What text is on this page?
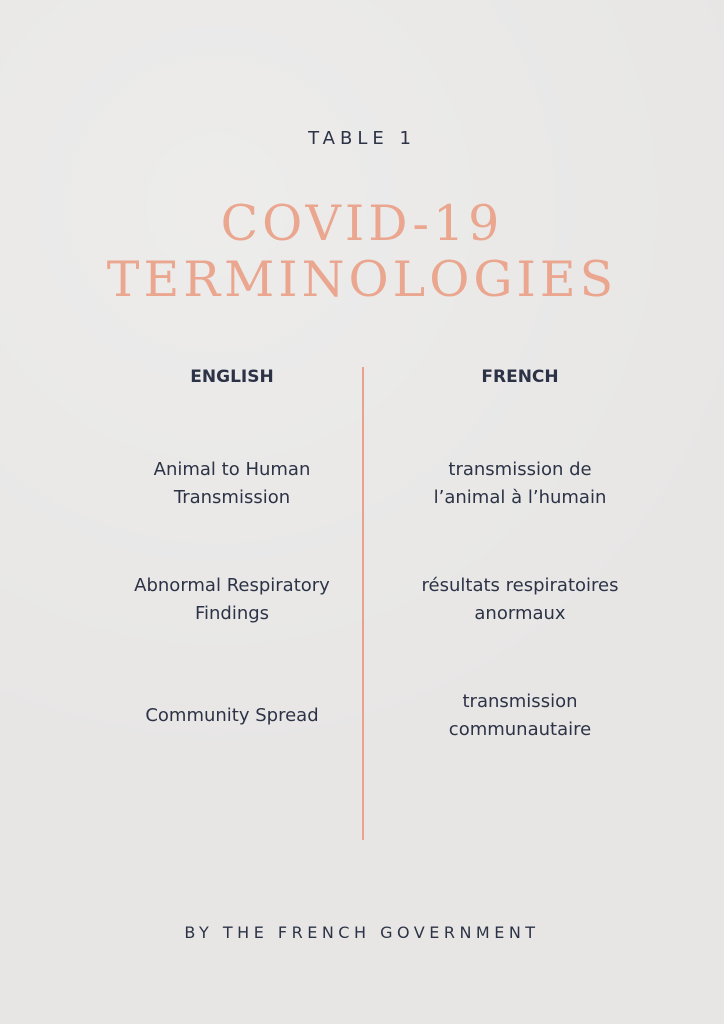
TABLE 1
COVID-19
TERMINOLOGIES
ENGLISH	FRENCH
Animal to Human
Transmission
transmission de
l’animal à l’humain
Abnormal Respiratory
Findings
résultats respiratoires
anormaux
Community Spread
transmission
communautaire
BY THE FRENCH GOVERNMENT
